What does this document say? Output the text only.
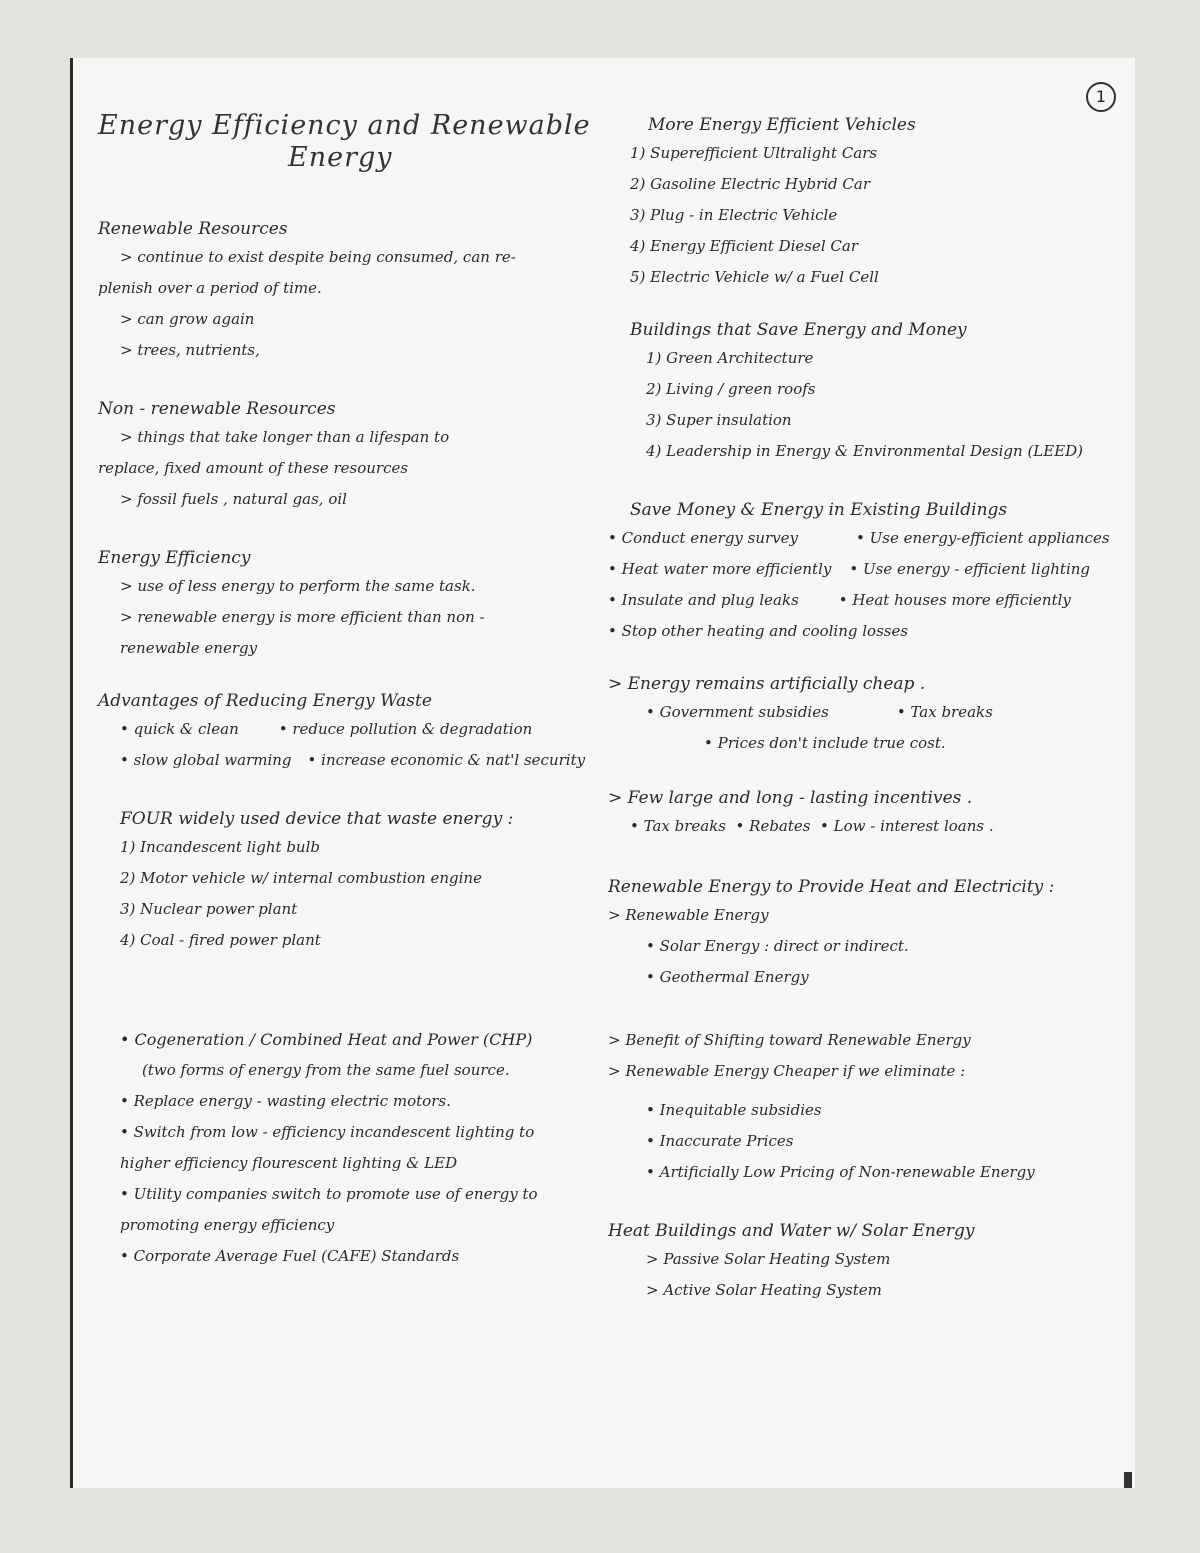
1
Energy Efficiency and Renewable
Energy
Renewable Resources
> continue to exist despite being consumed, can re-
plenish over a period of time.
> can grow again
> trees, nutrients,
Non - renewable Resources
> things that take longer than a lifespan to
replace, fixed amount of these resources
> fossil fuels , natural gas, oil
Energy Efficiency
> use of less energy to perform the same task.
> renewable energy is more efficient than non -
renewable energy
Advantages of Reducing Energy Waste
• quick & clean	• reduce pollution & degradation
• slow global warming • increase economic & nat'l security
FOUR widely used device that waste energy :
1) Incandescent light bulb
2) Motor vehicle w/ internal combustion engine
3) Nuclear power plant
4) Coal - fired power plant
• Cogeneration / Combined Heat and Power (CHP)
(two forms of energy from the same fuel source.
• Replace energy - wasting electric motors.
• Switch from low - efficiency incandescent lighting to
higher efficiency flourescent lighting & LED
• Utility companies switch to promote use of energy to
promoting energy efficiency
• Corporate Average Fuel (CAFE) Standards
More Energy Efficient Vehicles
1) Superefficient Ultralight Cars
2) Gasoline Electric Hybrid Car
3) Plug - in Electric Vehicle
4) Energy Efficient Diesel Car
5) Electric Vehicle w/ a Fuel Cell
Buildings that Save Energy and Money
1) Green Architecture
2) Living / green roofs
3) Super insulation
4) Leadership in Energy & Environmental Design (LEED)
Save Money & Energy in Existing Buildings
• Conduct energy survey	• Use energy-efficient appliances
• Heat water more efficiently • Use energy - efficient lighting
• Insulate and plug leaks	• Heat houses more efficiently
• Stop other heating and cooling losses
> Energy remains artificially cheap .
• Government subsidies	• Tax breaks
• Prices don't include true cost.
> Few large and long - lasting incentives .
• Tax breaks  • Rebates  • Low - interest loans .
Renewable Energy to Provide Heat and Electricity :
> Renewable Energy
• Solar Energy : direct or indirect.
• Geothermal Energy
> Benefit of Shifting toward Renewable Energy
> Renewable Energy Cheaper if we eliminate :
• Inequitable subsidies
• Inaccurate Prices
• Artificially Low Pricing of Non-renewable Energy
Heat Buildings and Water w/ Solar Energy
> Passive Solar Heating System
> Active Solar Heating System
